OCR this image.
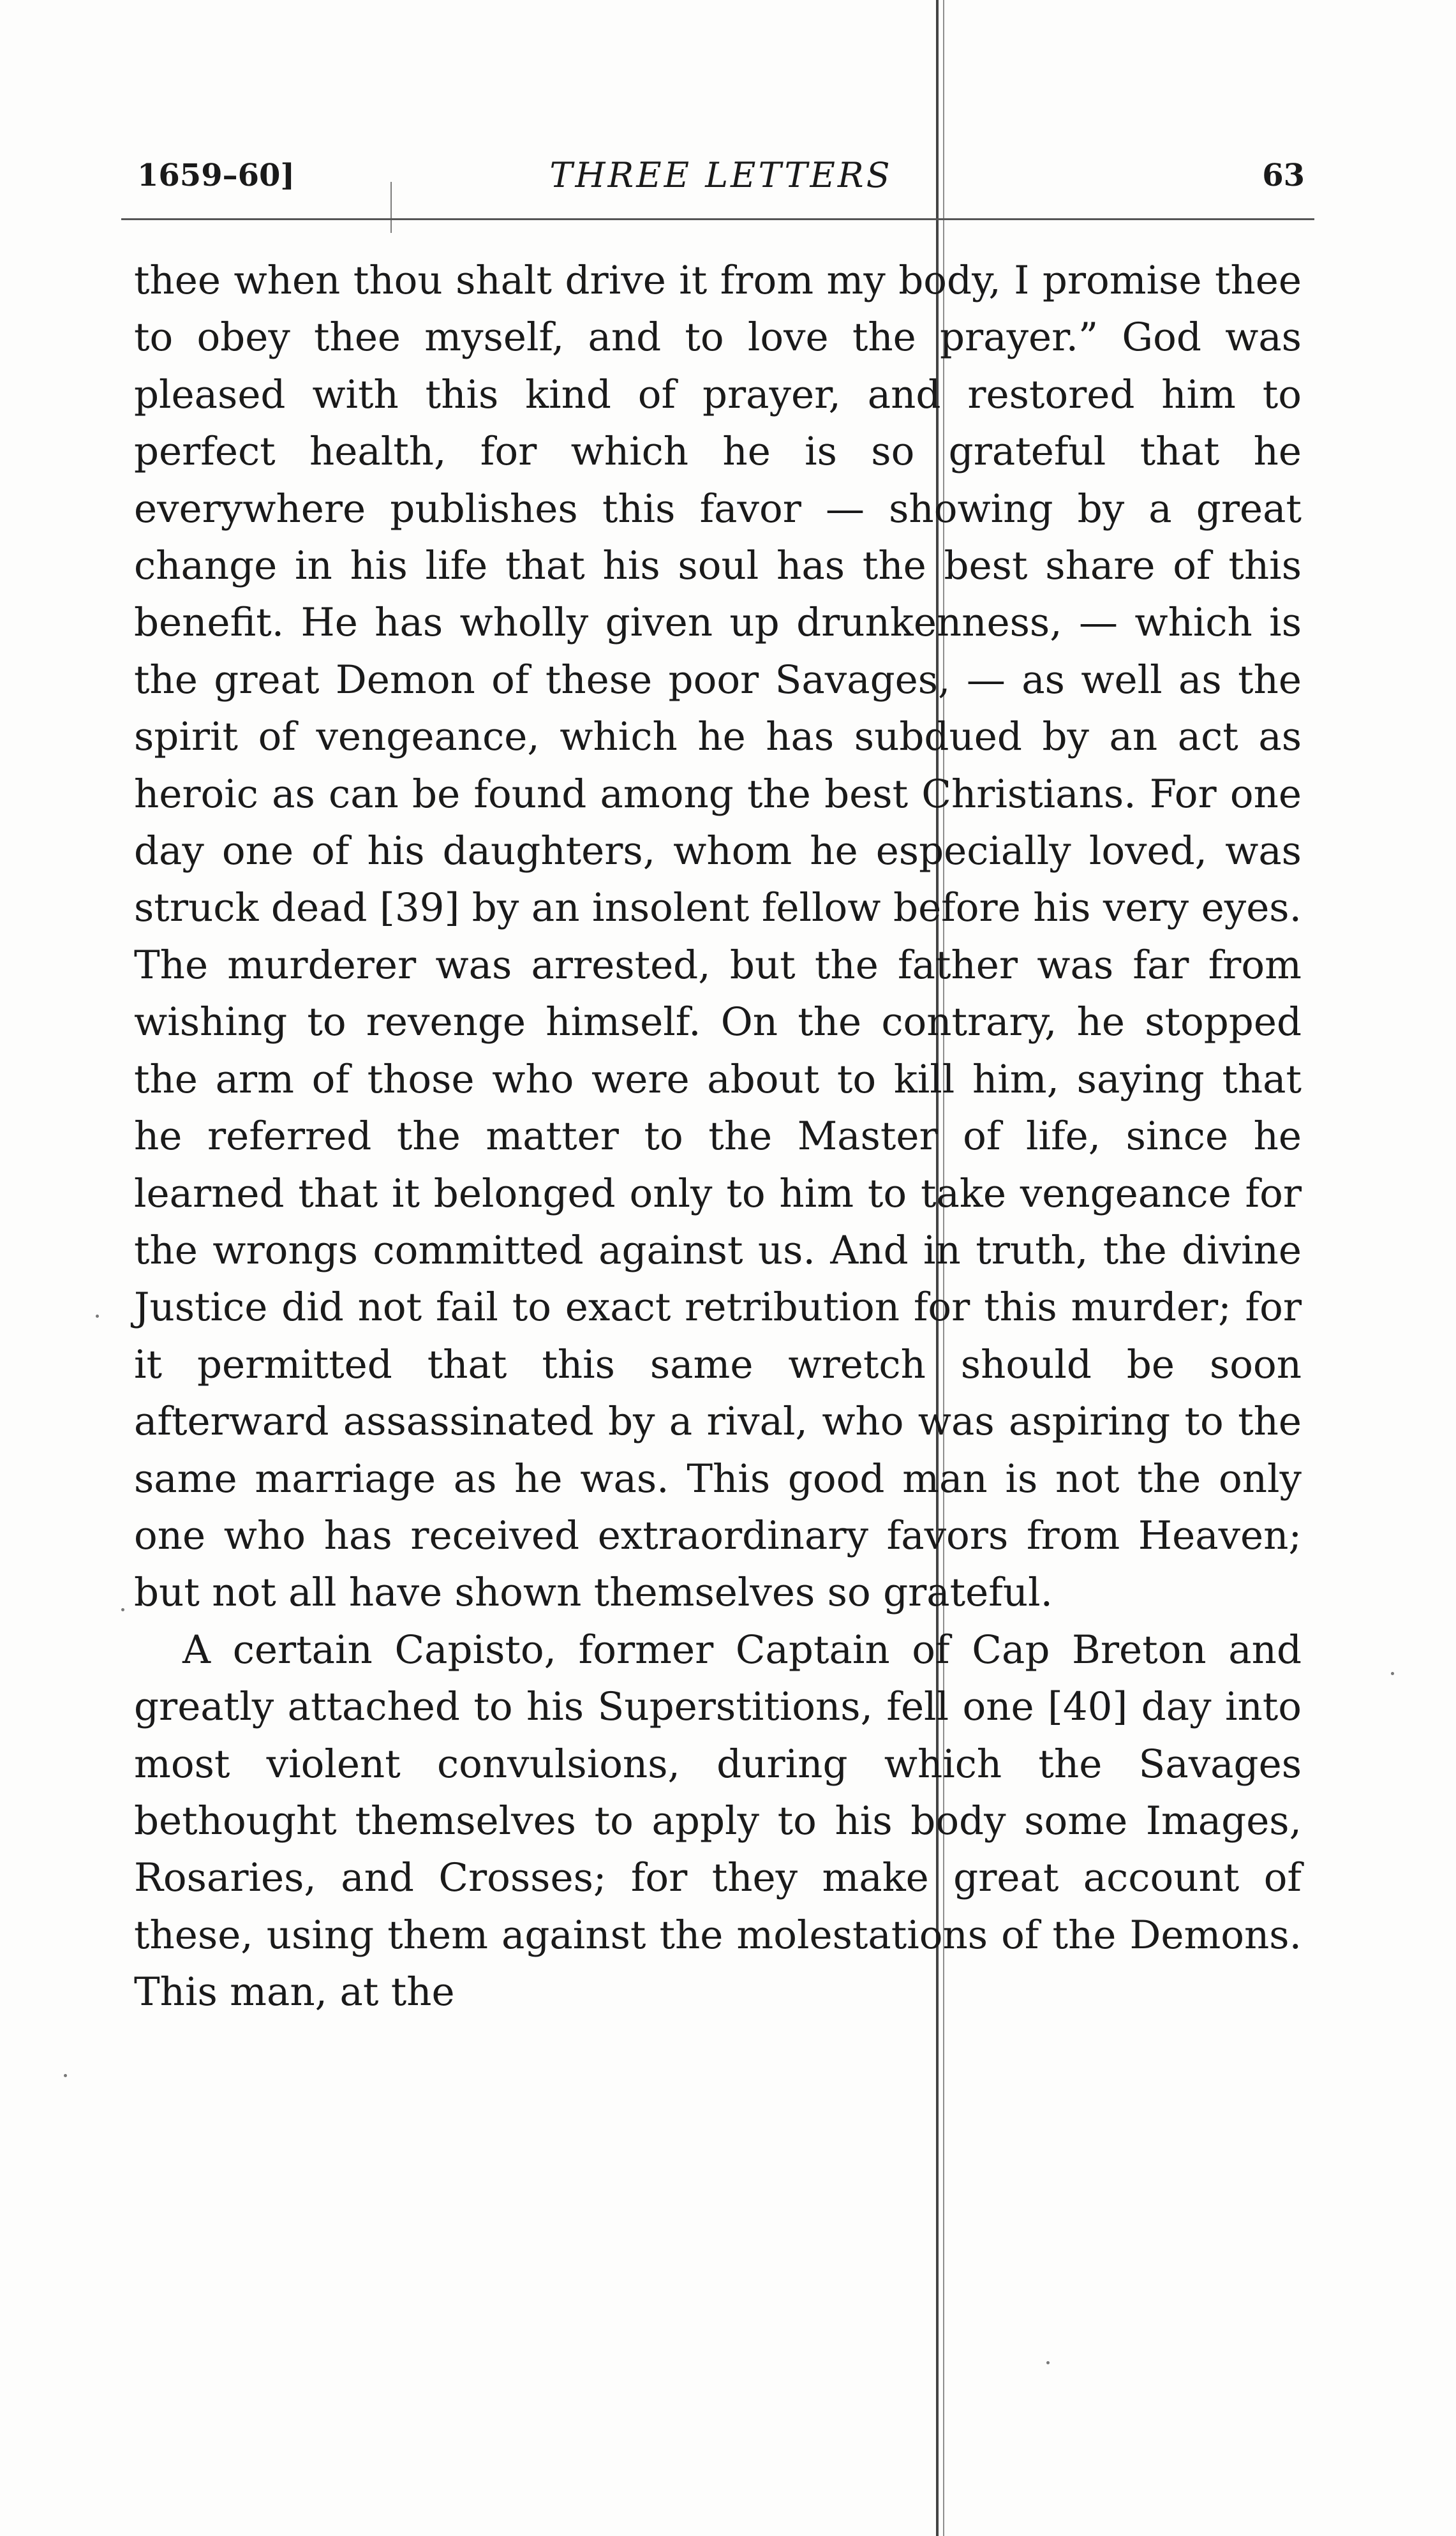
1659–60]	THREE LETTERS	63

thee when thou shalt drive it from my body, I promise thee to obey thee myself, and to love the prayer.” God was pleased with this kind of prayer, and restored him to perfect health, for which he is so grateful that he everywhere publishes this favor — showing by a great change in his life that his soul has the best share of this benefit. He has wholly given up drunkenness, — which is the great Demon of these poor Savages, — as well as the spirit of vengeance, which he has subdued by an act as heroic as can be found among the best Christians. For one day one of his daughters, whom he especially loved, was struck dead [39] by an insolent fellow before his very eyes. The murderer was arrested, but the father was far from wishing to revenge himself. On the contrary, he stopped the arm of those who were about to kill him, saying that he referred the matter to the Master of life, since he learned that it belonged only to him to take vengeance for the wrongs committed against us. And in truth, the divine Justice did not fail to exact retribution for this murder; for it permitted that this same wretch should be soon afterward assassinated by a rival, who was aspiring to the same marriage as he was. This good man is not the only one who has received extraordinary favors from Heaven; but not all have shown themselves so grateful.

A certain Capisto, former Captain of Cap Breton and greatly attached to his Superstitions, fell one [40] day into most violent convulsions, during which the Savages bethought themselves to apply to his body some Images, Rosaries, and Crosses; for they make great account of these, using them against the molestations of the Demons. This man, at the
